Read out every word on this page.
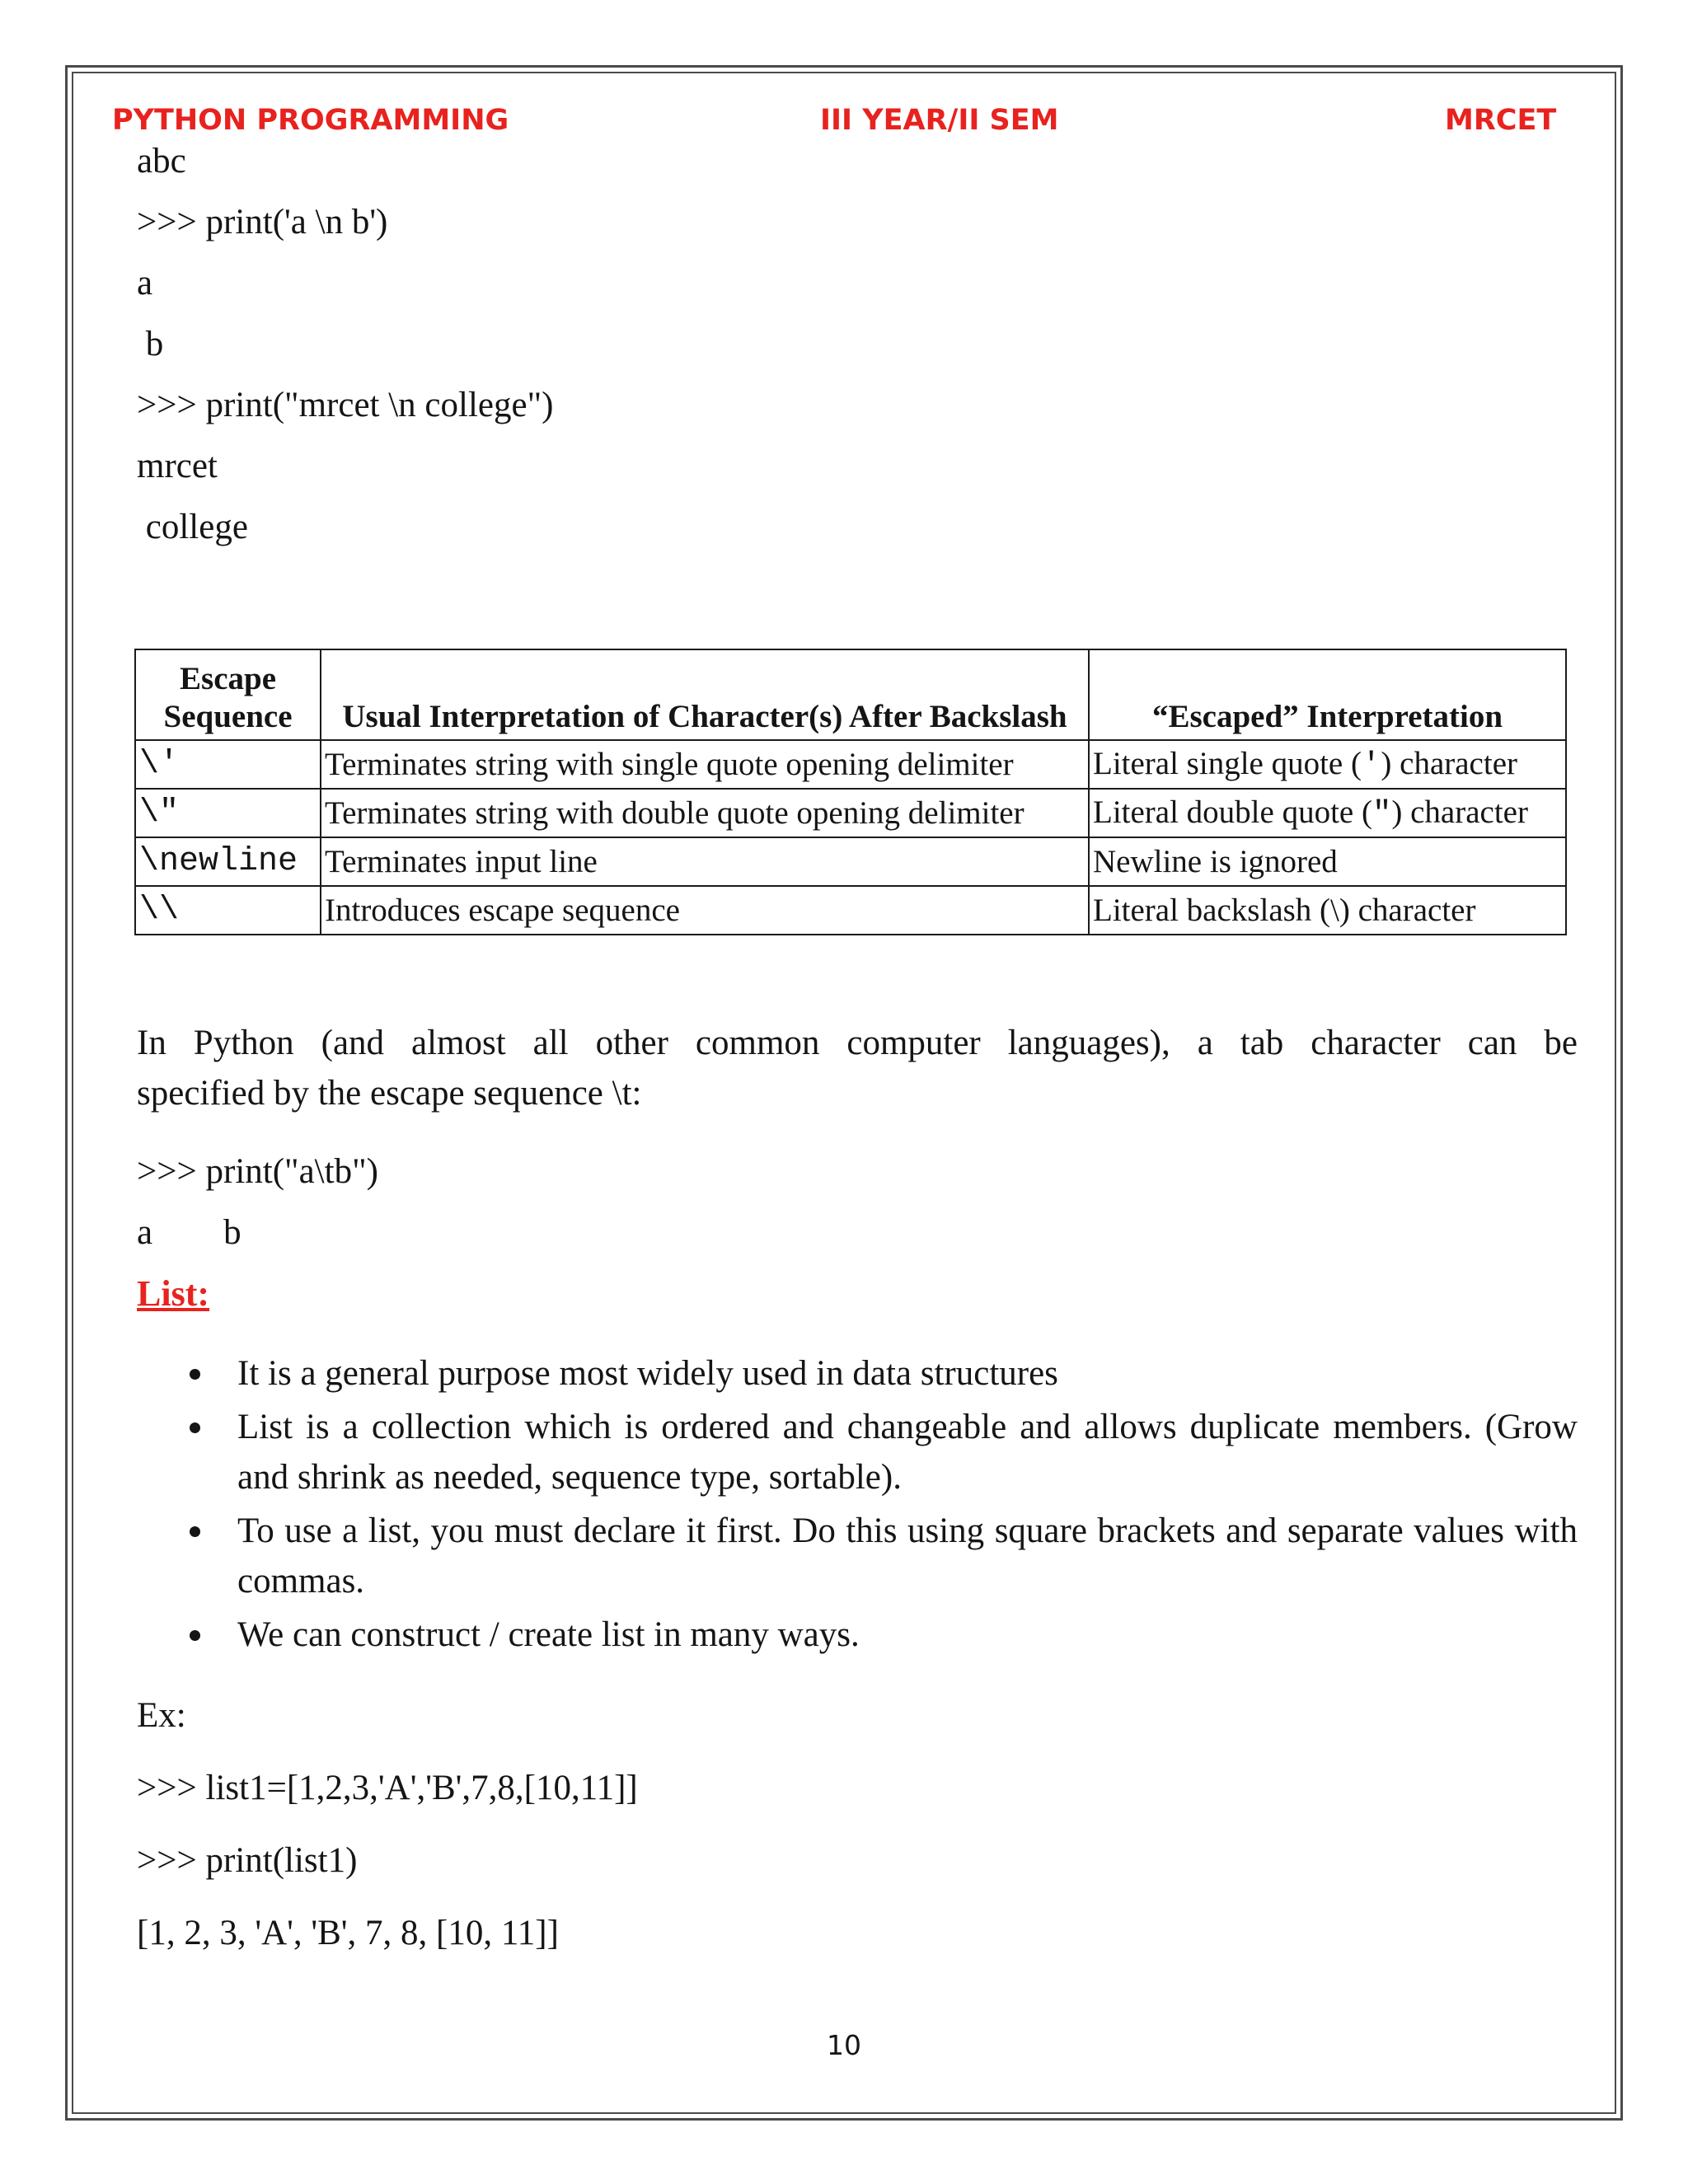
PYTHON PROGRAMMING	III YEAR/II SEM	MRCET
abc
>>> print('a \n b')
a
b
>>> print("mrcet \n college")
mrcet
college
Escape Sequence	Usual Interpretation of Character(s) After Backslash	“Escaped” Interpretation
\'	Terminates string with single quote opening delimiter	Literal single quote (') character
\"	Terminates string with double quote opening delimiter	Literal double quote (") character
\newline	Terminates input line	Newline is ignored
\\	Introduces escape sequence	Literal backslash (\) character

In Python (and almost all other common computer languages), a tab character can be

specified by the escape sequence \t:

>>> print("a\tb")
a        b
List:
It is a general purpose most widely used in data structures
List is a collection which is ordered and changeable and allows duplicate members. (Grow and shrink as needed, sequence type, sortable).
To use a list, you must declare it first. Do this using square brackets and separate values with commas.
We can construct / create list in many ways.
Ex:
>>> list1=[1,2,3,'A','B',7,8,[10,11]]
>>> print(list1)
[1, 2, 3, 'A', 'B', 7, 8, [10, 11]]
10
